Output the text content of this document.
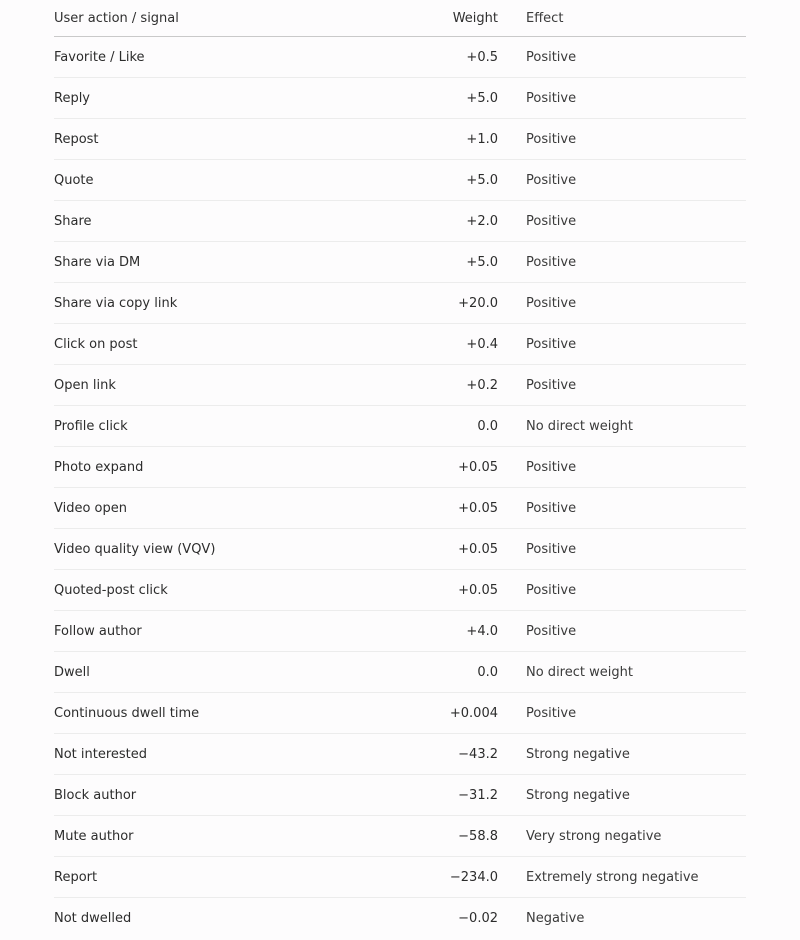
User action / signal	Weight	Effect
Favorite / Like	+0.5	Positive
Reply	+5.0	Positive
Repost	+1.0	Positive
Quote	+5.0	Positive
Share	+2.0	Positive
Share via DM	+5.0	Positive
Share via copy link	+20.0	Positive
Click on post	+0.4	Positive
Open link	+0.2	Positive
Profile click	0.0	No direct weight
Photo expand	+0.05	Positive
Video open	+0.05	Positive
Video quality view (VQV)	+0.05	Positive
Quoted-post click	+0.05	Positive
Follow author	+4.0	Positive
Dwell	0.0	No direct weight
Continuous dwell time	+0.004	Positive
Not interested	−43.2	Strong negative
Block author	−31.2	Strong negative
Mute author	−58.8	Very strong negative
Report	−234.0	Extremely strong negative
Not dwelled	−0.02	Negative
